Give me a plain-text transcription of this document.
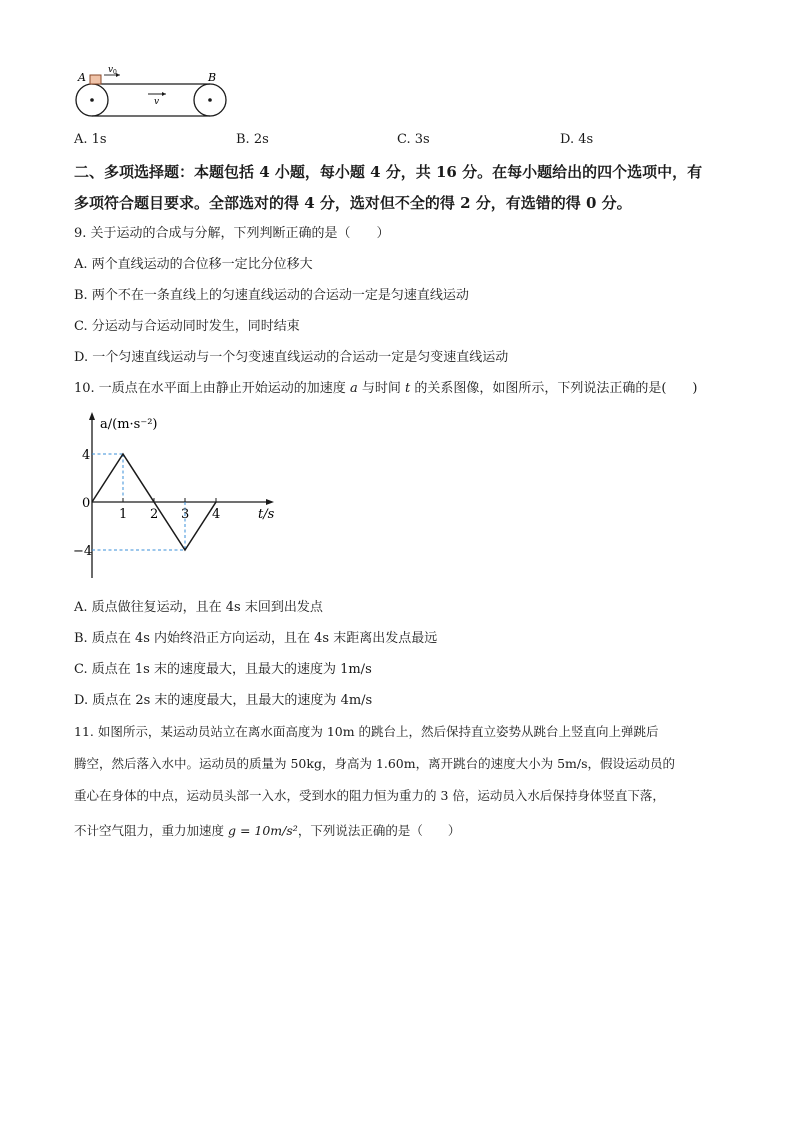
A	B
v 0
v
A. 1s	B. 2s	C. 3s	D. 4s
二、多项选择题：本题包括 4 小题，每小题 4 分，共 16 分。在每小题给出的四个选项中，有
多项符合题目要求。全部选对的得 4 分，选对但不全的得 2 分，有选错的得 0 分。
9. 关于运动的合成与分解，下列判断正确的是（　　）
A. 两个直线运动的合位移一定比分位移大
B. 两个不在一条直线上的匀速直线运动的合运动一定是匀速直线运动
C. 分运动与合运动同时发生，同时结束
D. 一个匀速直线运动与一个匀变速直线运动的合运动一定是匀变速直线运动
10. 一质点在水平面上由静止开始运动的加速度 a 与时间 t 的关系图像，如图所示，下列说法正确的是(　　)
1 2 3 4
4
0
−4
a/(m·s⁻²)
t/s
A. 质点做往复运动，且在 4s 末回到出发点
B. 质点在 4s 内始终沿正方向运动，且在 4s 末距离出发点最远
C. 质点在 1s 末的速度最大，且最大的速度为 1m/s
D. 质点在 2s 末的速度最大，且最大的速度为 4m/s
11. 如图所示，某运动员站立在离水面高度为 10m 的跳台上，然后保持直立姿势从跳台上竖直向上弹跳后
腾空，然后落入水中。运动员的质量为 50kg，身高为 1.60m，离开跳台的速度大小为 5m/s，假设运动员的
重心在身体的中点，运动员头部一入水，受到水的阻力恒为重力的 3 倍，运动员入水后保持身体竖直下落，
不计空气阻力，重力加速度 g = 10m/s²，下列说法正确的是（　　）
